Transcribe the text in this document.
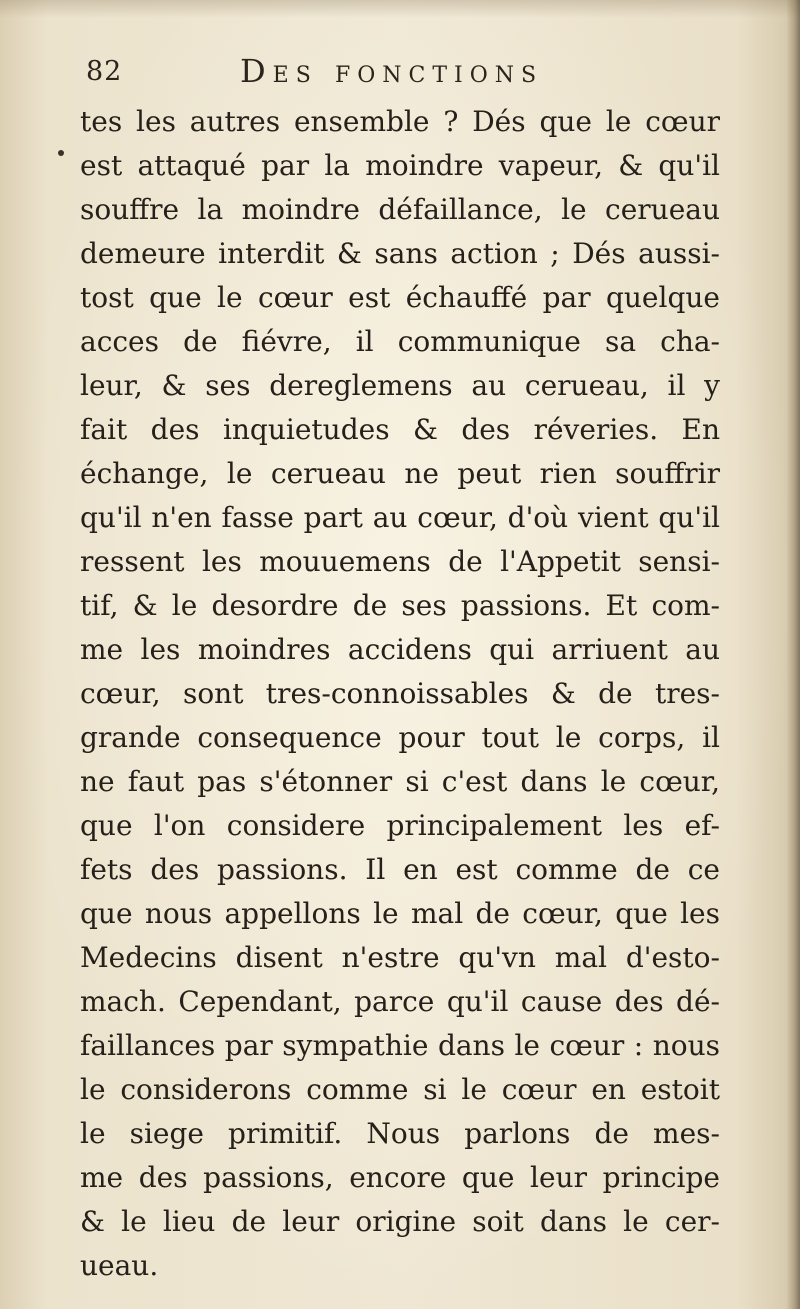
82	Des fonctions
tes les autres ensemble ? Dés que le cœur
est attaqué par la moindre vapeur, & qu'il
souffre la moindre défaillance, le cerueau
demeure interdit & sans action ; Dés aussi-
tost que le cœur est échauffé par quelque
acces de fiévre, il communique sa cha-
leur, & ses dereglemens au cerueau, il y
fait des inquietudes & des réveries. En
échange, le cerueau ne peut rien souffrir
qu'il n'en fasse part au cœur, d'où vient qu'il
ressent les mouuemens de l'Appetit sensi-
tif, & le desordre de ses passions. Et com-
me les moindres accidens qui arriuent au
cœur, sont tres-connoissables & de tres-
grande consequence pour tout le corps, il
ne faut pas s'étonner si c'est dans le cœur,
que l'on considere principalement les ef-
fets des passions. Il en est comme de ce
que nous appellons le mal de cœur, que les
Medecins disent n'estre qu'vn mal d'esto-
mach. Cependant, parce qu'il cause des dé-
faillances par sympathie dans le cœur : nous
le considerons comme si le cœur en estoit
le siege primitif. Nous parlons de mes-
me des passions, encore que leur principe
& le lieu de leur origine soit dans le cer-
ueau.
